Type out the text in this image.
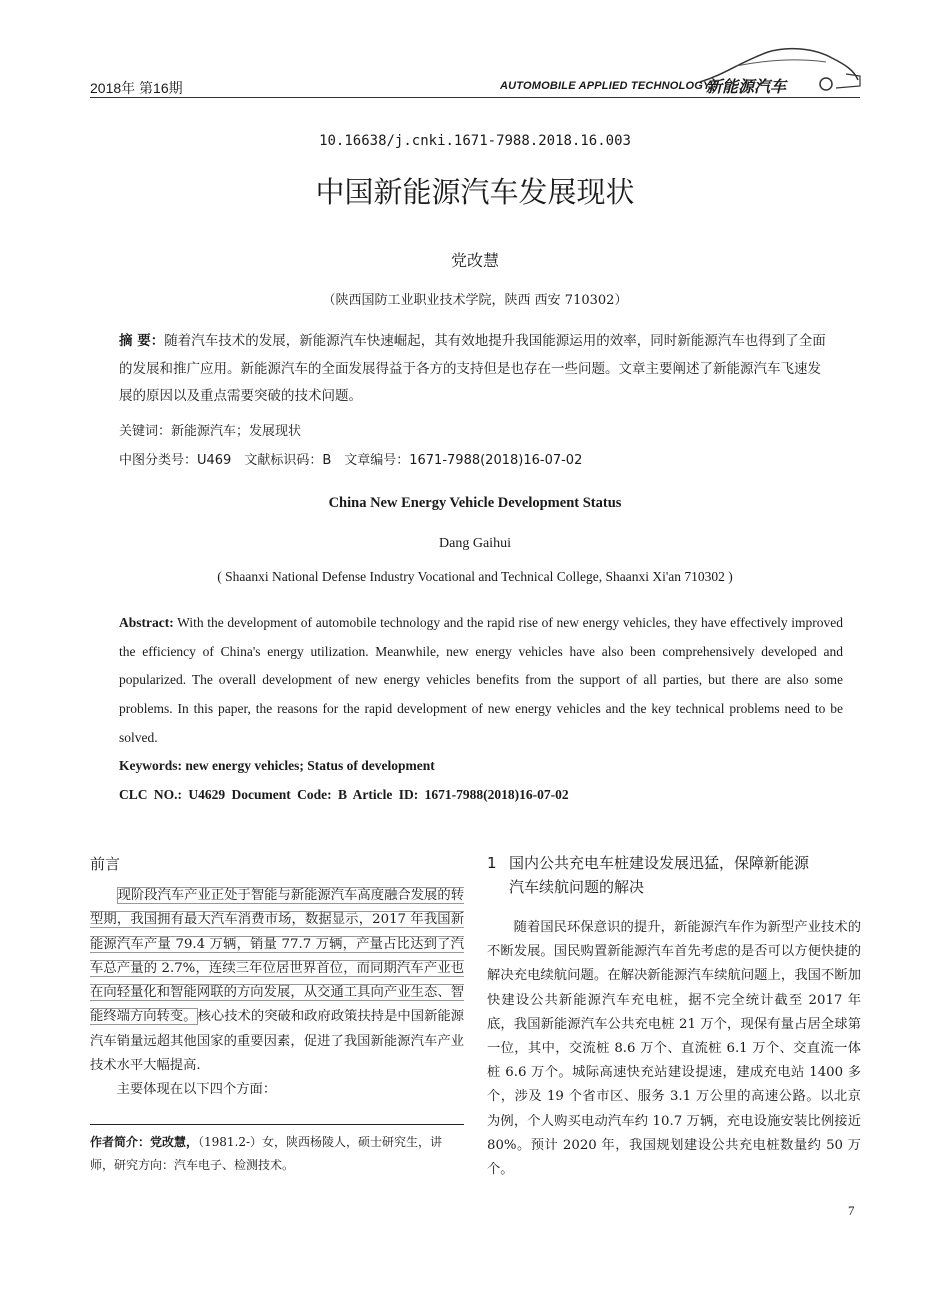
2018年 第16期	AUTOMOBILE APPLIED TECHNOLOGY
新能源汽车
10.16638/j.cnki.1671-7988.2018.16.003
中国新能源汽车发展现状
党改慧
（陕西国防工业职业技术学院，陕西 西安 710302）
摘 要：随着汽车技术的发展，新能源汽车快速崛起，其有效地提升我国能源运用的效率，同时新能源汽车也得到了全面的发展和推广应用。新能源汽车的全面发展得益于各方的支持但是也存在一些问题。文章主要阐述了新能源汽车飞速发展的原因以及重点需要突破的技术问题。
关键词：新能源汽车；发展现状
中图分类号：U469　文献标识码：B　文章编号：1671-7988(2018)16-07-02
China New Energy Vehicle Development Status
Dang Gaihui
( Shaanxi National Defense Industry Vocational and Technical College, Shaanxi Xi'an 710302 )
Abstract: With the development of automobile technology and the rapid rise of new energy vehicles, they have effectively improved the efficiency of China's energy utilization. Meanwhile, new energy vehicles have also been comprehensively developed and popularized. The overall development of new energy vehicles benefits from the support of all parties, but there are also some problems. In this paper, the reasons for the rapid development of new energy vehicles and the key technical problems need to be solved.
Keywords: new energy vehicles; Status of development
CLC NO.: U4629 Document Code: B Article ID: 1671-7988(2018)16-07-02
前言

现阶段汽车产业正处于智能与新能源汽车高度融合发展的转型期，我国拥有最大汽车消费市场，数据显示，2017 年我国新能源汽车产量 79.4 万辆，销量 77.7 万辆，产量占比达到了汽车总产量的 2.7%，连续三年位居世界首位，而同期汽车产业也在向轻量化和智能网联的方向发展，从交通工具向产业生态、智能终端方向转变。核心技术的突破和政府政策扶持是中国新能源汽车销量远超其他国家的重要因素，促进了我国新能源汽车产业技术水平大幅提高.

主要体现在以下四个方面：

作者简介：党改慧，（1981.2-）女，陕西杨陵人，硕士研究生，讲师，研究方向：汽车电子、检测技术。
1 国内公共充电车桩建设发展迅猛，保障新能源
汽车续航问题的解决

随着国民环保意识的提升，新能源汽车作为新型产业技术的不断发展。国民购置新能源汽车首先考虑的是否可以方便快捷的解决充电续航问题。在解决新能源汽车续航问题上，我国不断加快建设公共新能源汽车充电桩，据不完全统计截至 2017 年底，我国新能源汽车公共充电桩 21 万个，现保有量占居全球第一位，其中，交流桩 8.6 万个、直流桩 6.1 万个、交直流一体桩 6.6 万个。城际高速快充站建设提速，建成充电站 1400 多个，涉及 19 个省市区、服务 3.1 万公里的高速公路。以北京为例，个人购买电动汽车约 10.7 万辆，充电设施安装比例接近 80%。预计 2020 年，我国规划建设公共充电桩数量约 50 万个。

7
